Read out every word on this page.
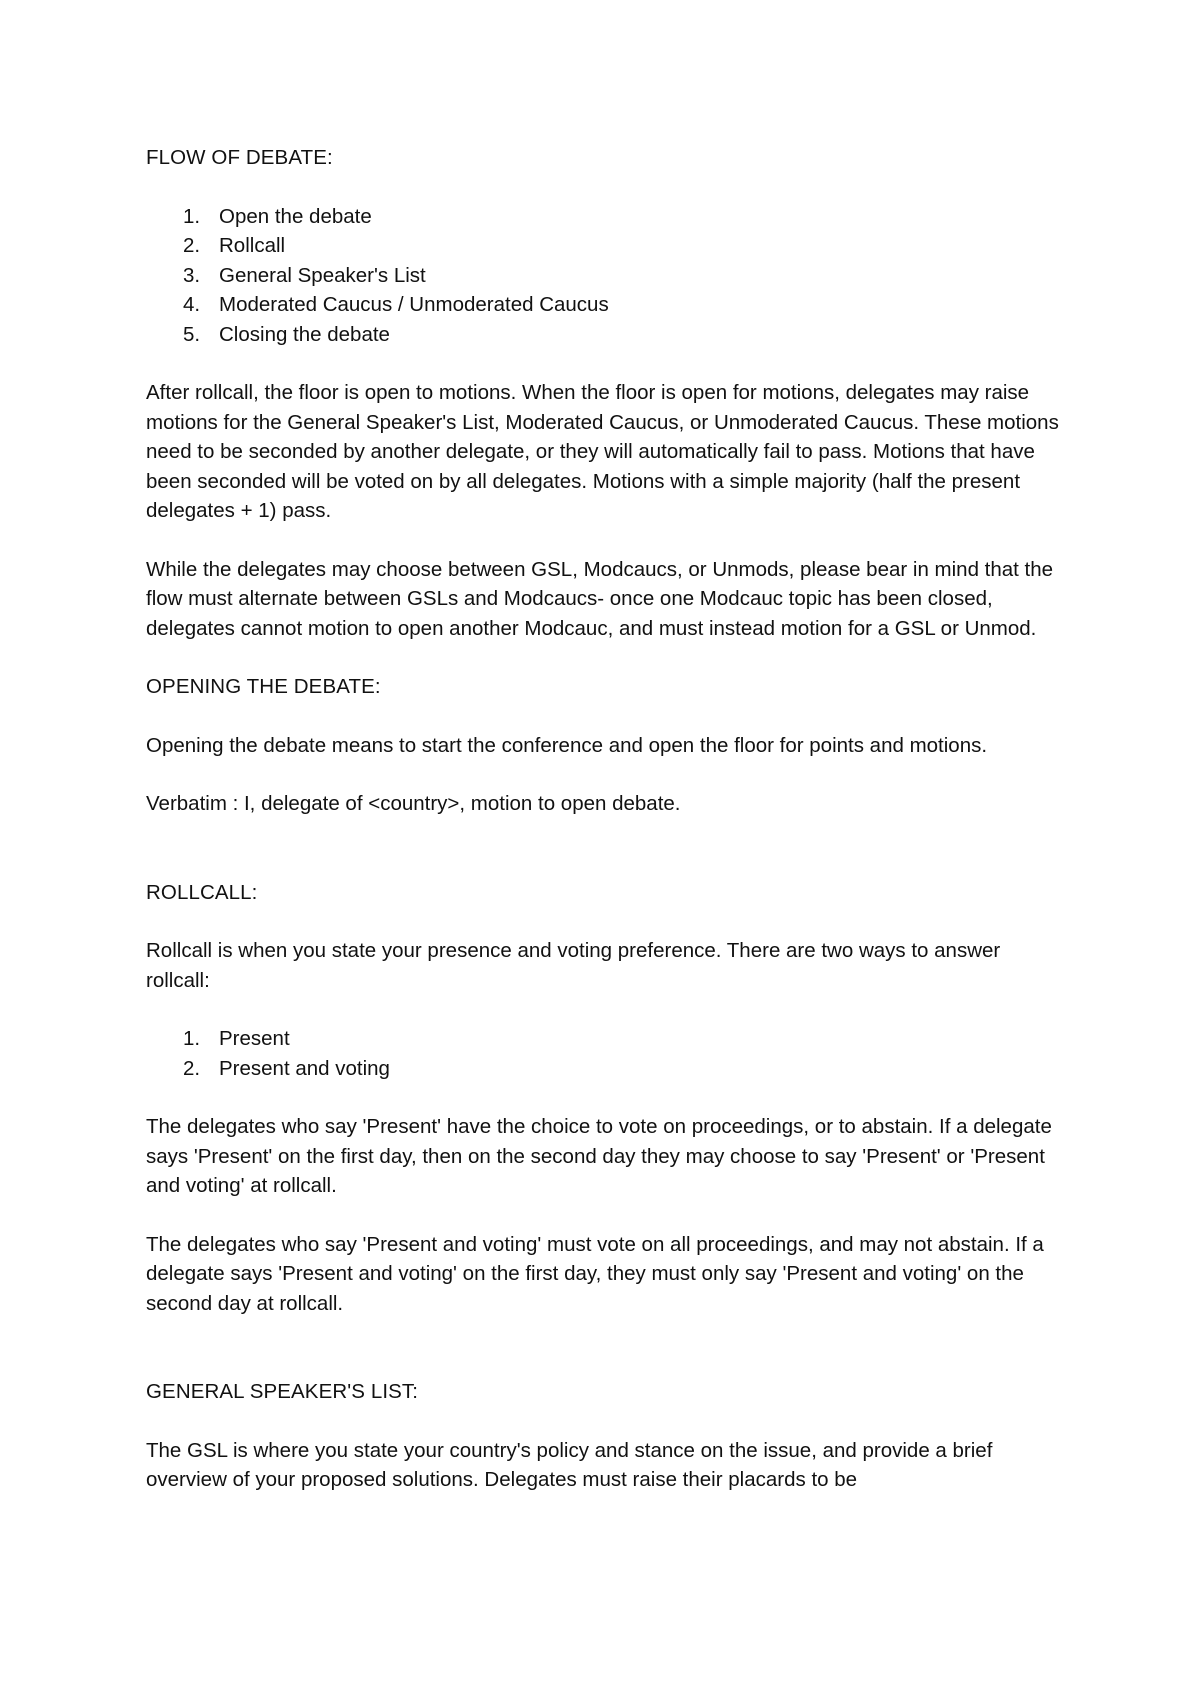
FLOW OF DEBATE:
1. Open the debate
2. Rollcall
3. General Speaker's List
4. Moderated Caucus / Unmoderated Caucus
5. Closing the debate

After rollcall, the floor is open to motions. When the floor is open for motions, delegates may raise motions for the General Speaker's List, Moderated Caucus, or Unmoderated Caucus. These motions need to be seconded by another delegate, or they will automatically fail to pass. Motions that have been seconded will be voted on by all delegates. Motions with a simple majority (half the present delegates + 1) pass.

While the delegates may choose between GSL, Modcaucs, or Unmods, please bear in mind that the flow must alternate between GSLs and Modcaucs- once one Modcauc topic has been closed, delegates cannot motion to open another Modcauc, and must instead motion for a GSL or Unmod.

OPENING THE DEBATE:

Opening the debate means to start the conference and open the floor for points and motions.

Verbatim : I, delegate of <country>, motion to open debate.

ROLLCALL:

Rollcall is when you state your presence and voting preference. There are two ways to answer rollcall:

1. Present
2. Present and voting

The delegates who say 'Present' have the choice to vote on proceedings, or to abstain. If a delegate says 'Present' on the first day, then on the second day they may choose to say 'Present' or 'Present and voting' at rollcall.

The delegates who say 'Present and voting' must vote on all proceedings, and may not abstain. If a delegate says 'Present and voting' on the first day, they must only say 'Present and voting' on the second day at rollcall.

GENERAL SPEAKER'S LIST:

The GSL is where you state your country's policy and stance on the issue, and provide a brief overview of your proposed solutions. Delegates must raise their placards to be
